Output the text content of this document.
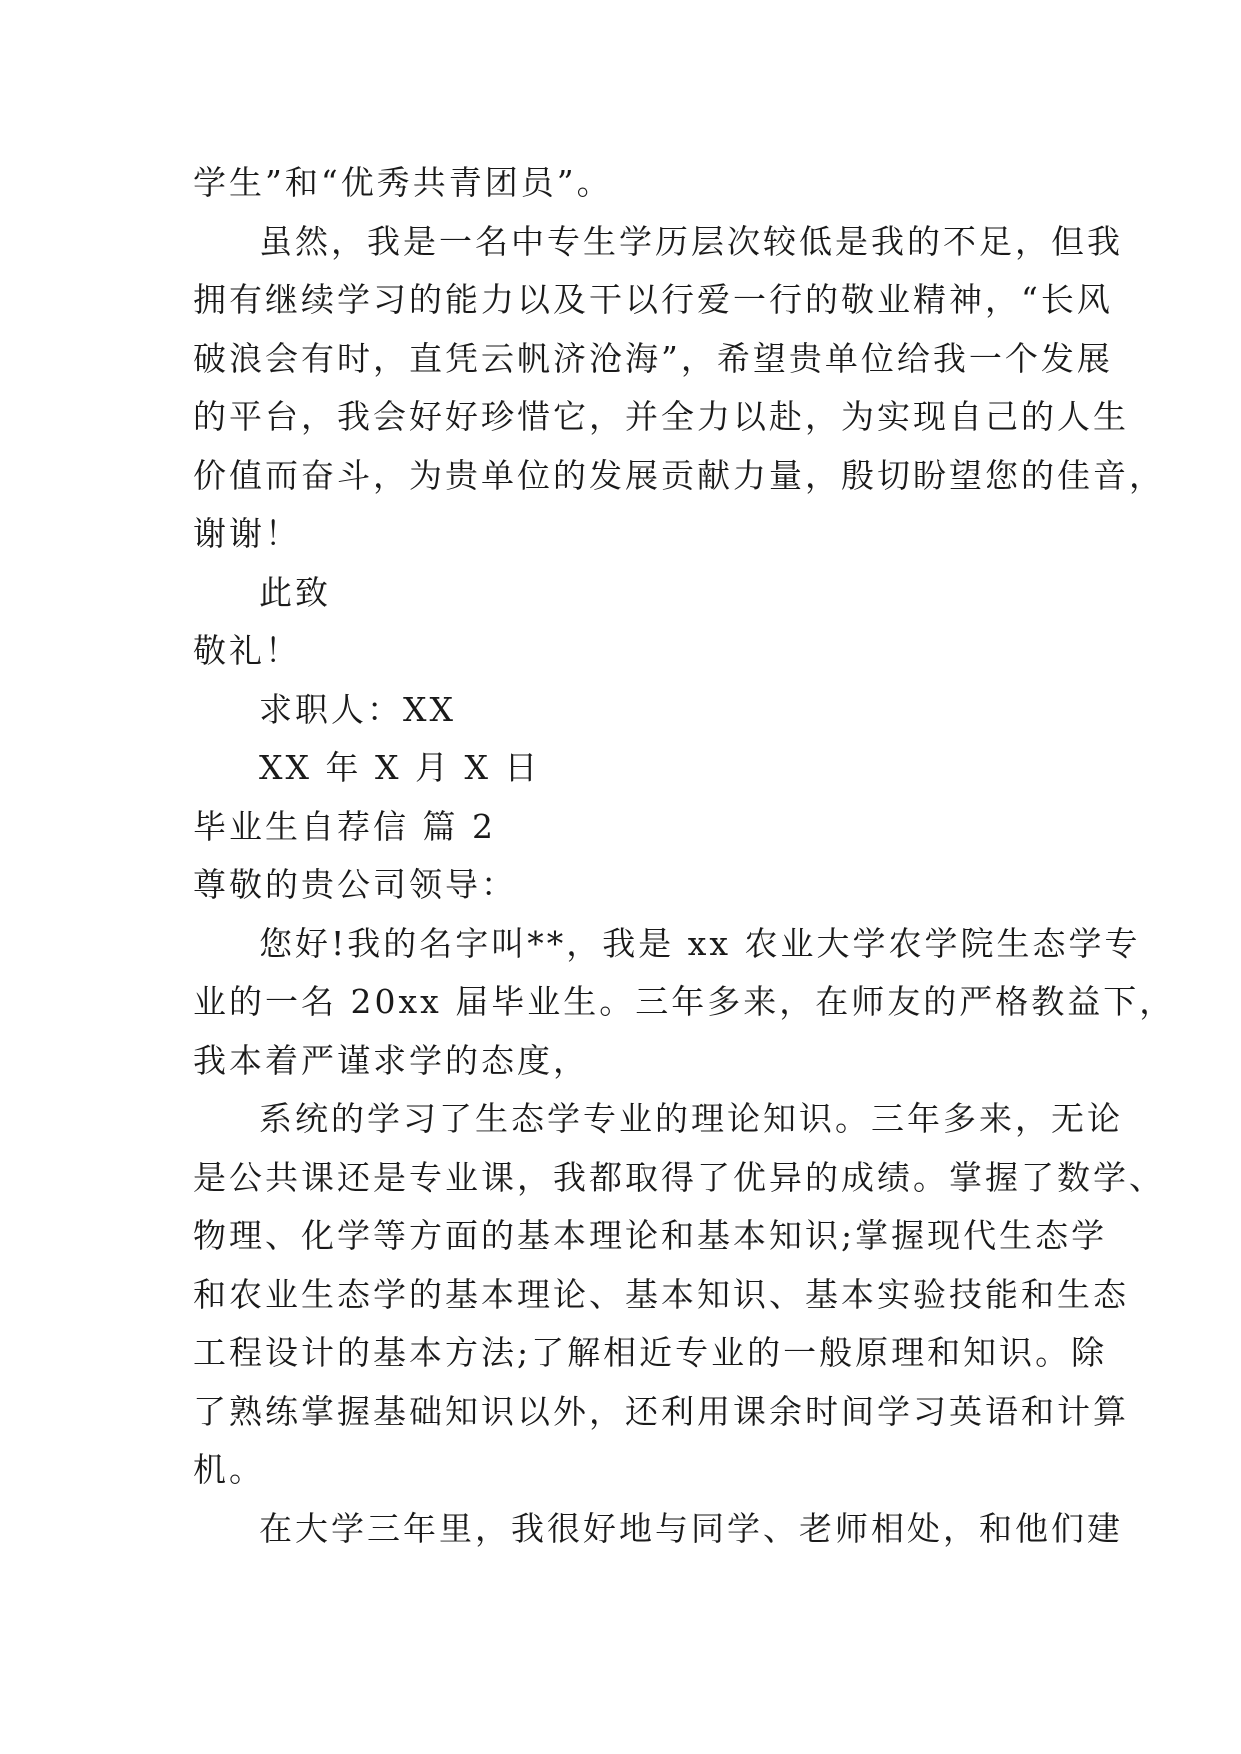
学生”和“优秀共青团员”。
虽然，我是一名中专生学历层次较低是我的不足，但我
拥有继续学习的能力以及干以行爱一行的敬业精神，“长风
破浪会有时，直凭云帆济沧海”，希望贵单位给我一个发展
的平台，我会好好珍惜它，并全力以赴，为实现自己的人生
价值而奋斗，为贵单位的发展贡献力量，殷切盼望您的佳音，
谢谢！
此致
敬礼！
求职人：XX
XX 年 X 月 X 日
毕业生自荐信 篇 2
尊敬的贵公司领导：
您好!我的名字叫**，我是 xx 农业大学农学院生态学专
业的一名 20xx 届毕业生。三年多来，在师友的严格教益下，
我本着严谨求学的态度，
系统的学习了生态学专业的理论知识。三年多来，无论
是公共课还是专业课，我都取得了优异的成绩。掌握了数学、
物理、化学等方面的基本理论和基本知识;掌握现代生态学
和农业生态学的基本理论、基本知识、基本实验技能和生态
工程设计的基本方法;了解相近专业的一般原理和知识。除
了熟练掌握基础知识以外，还利用课余时间学习英语和计算
机。
在大学三年里，我很好地与同学、老师相处，和他们建
